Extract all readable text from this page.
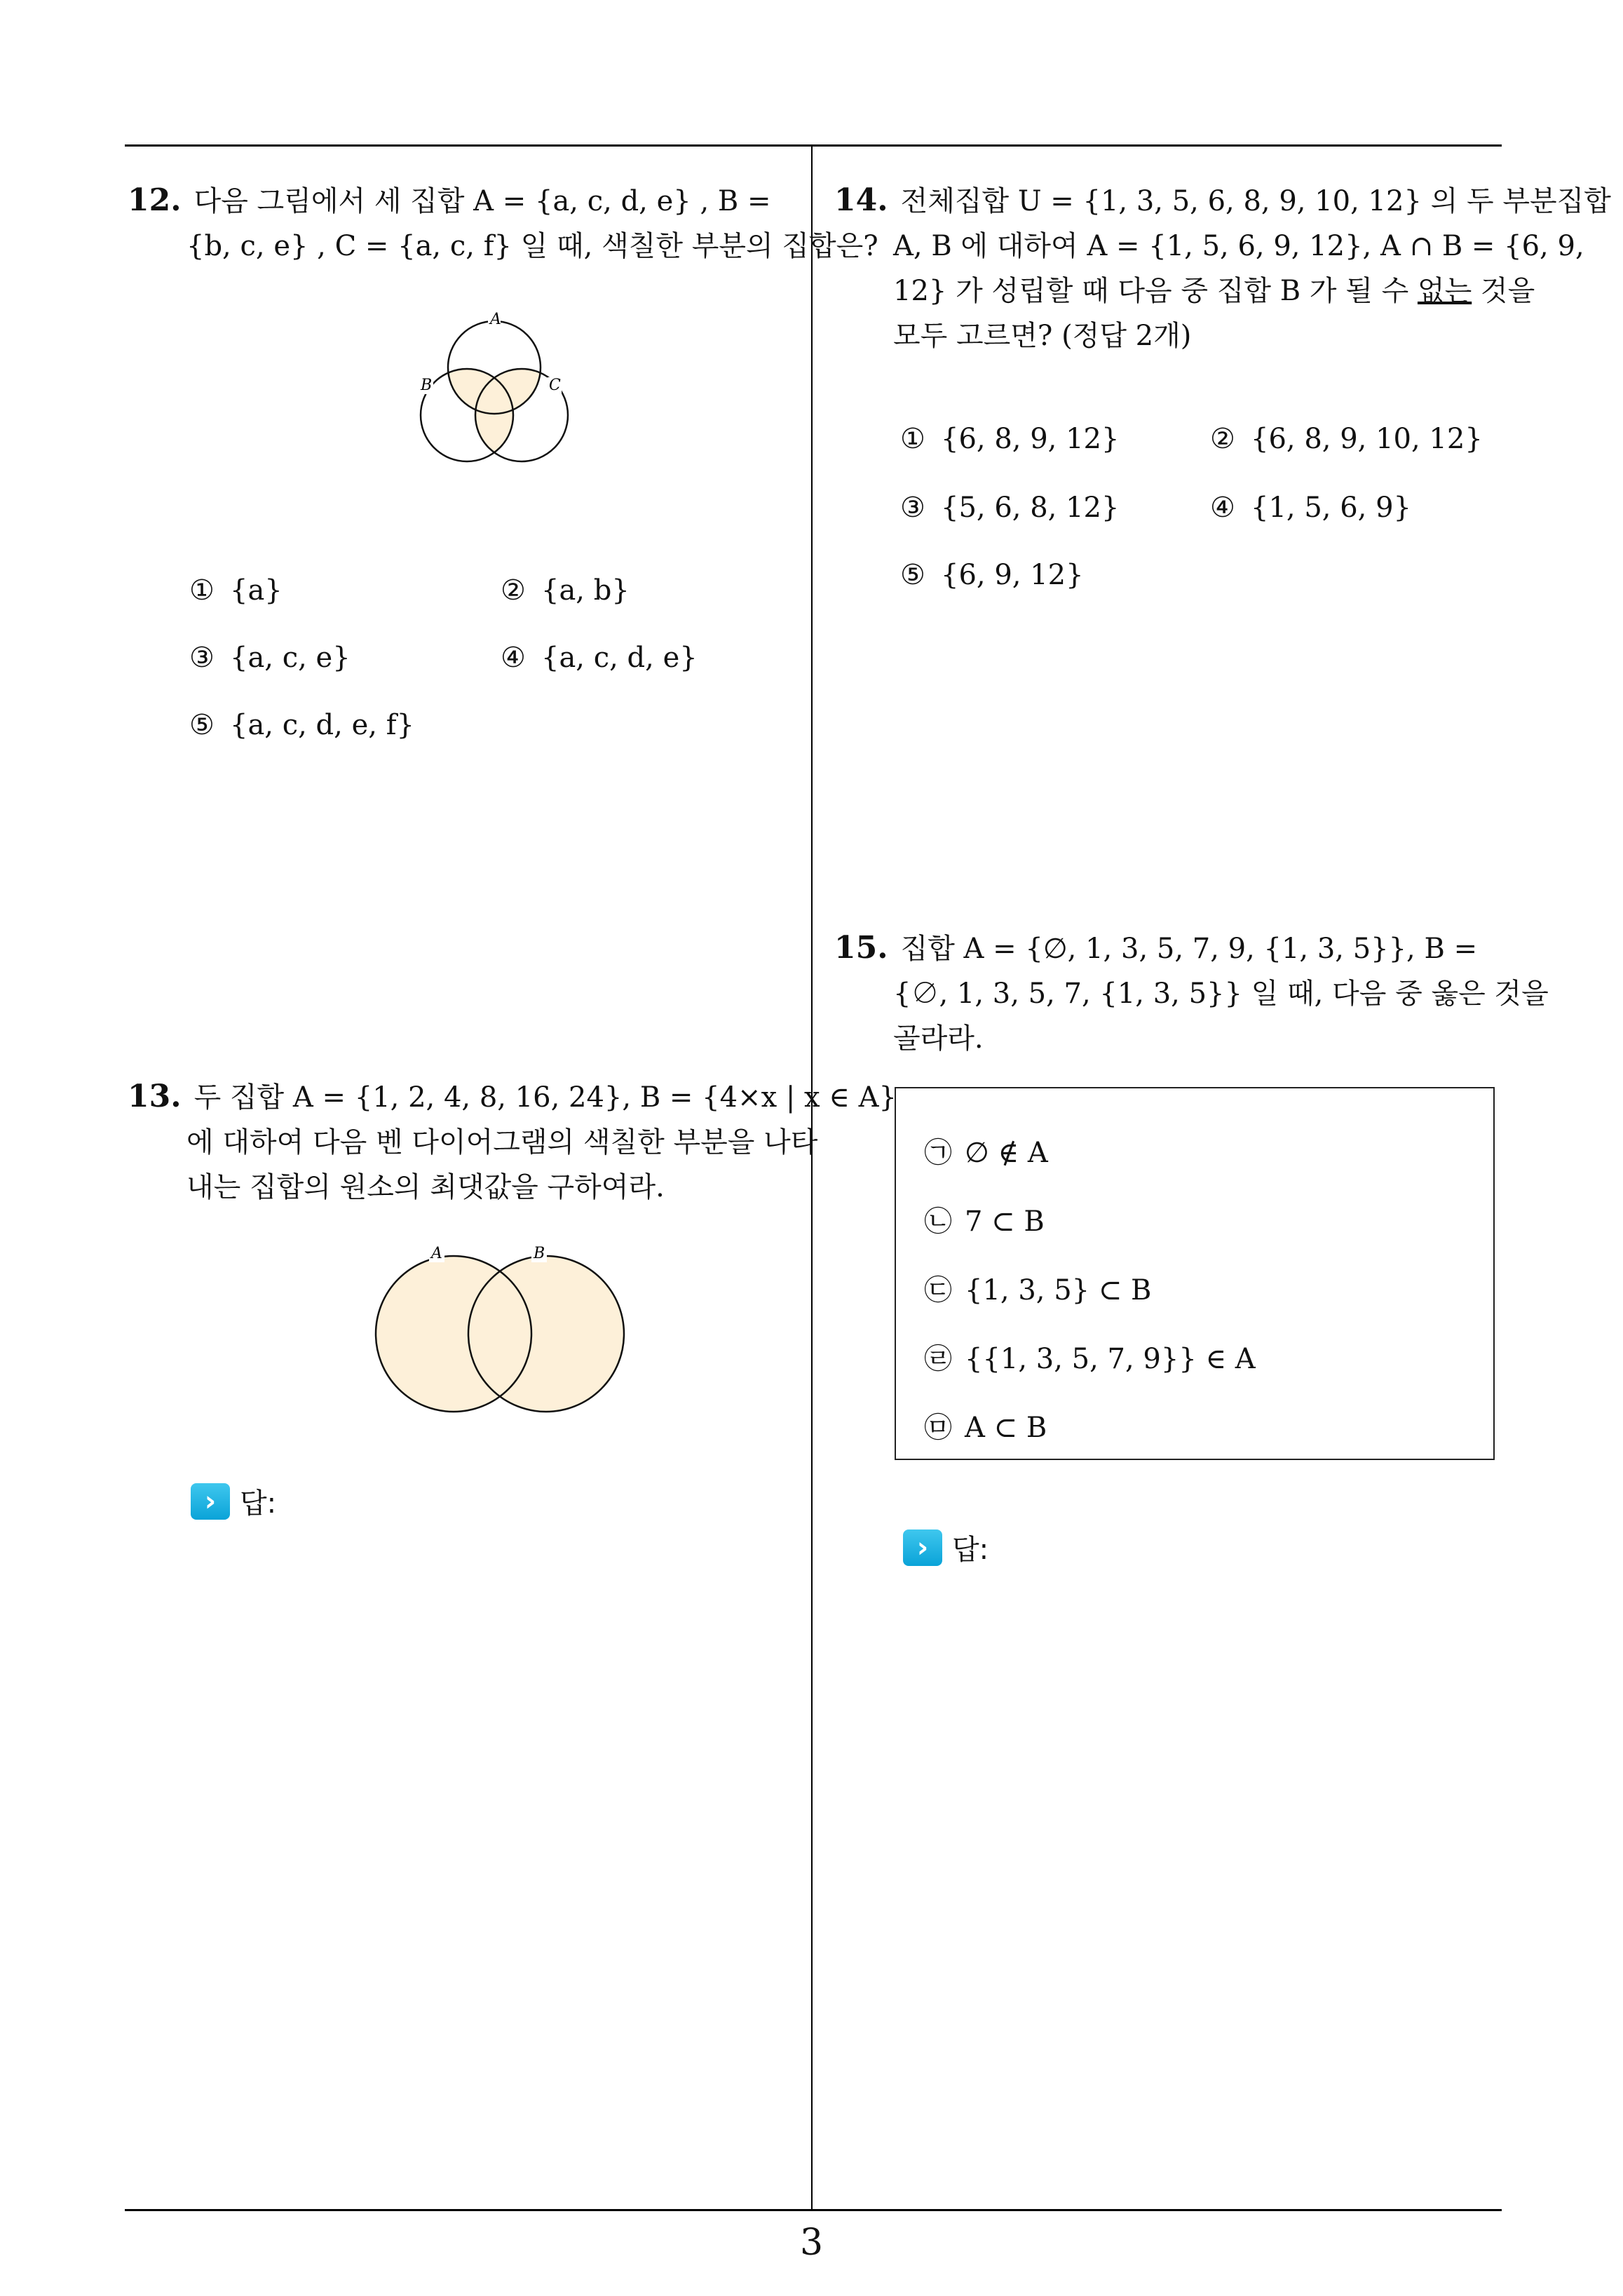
12. 다음 그림에서 세 집합 A = {a, c, d, e} , B =
{b, c, e} , C = {a, c, f} 일 때, 색칠한 부분의 집합은?
A
B	C
① {a}	② {a, b}
③ {a, c, e}	④ {a, c, d, e}
⑤ {a, c, d, e, f}
13. 두 집합 A = {1, 2, 4, 8, 16, 24}, B = {4×x | x ∈ A}
에 대하여 다음 벤 다이어그램의 색칠한 부분을 나타
내는 집합의 원소의 최댓값을 구하여라.
A	B
› 답:
14. 전체집합 U = {1, 3, 5, 6, 8, 9, 10, 12} 의 두 부분집합
A, B 에 대하여 A = {1, 5, 6, 9, 12}, A ∩ B = {6, 9,
12} 가 성립할 때 다음 중 집합 B 가 될 수 없는 것을
모두 고르면? (정답 2개)
① {6, 8, 9, 12}	② {6, 8, 9, 10, 12}
③ {5, 6, 8, 12}	④ {1, 5, 6, 9}
⑤ {6, 9, 12}
15. 집합 A = {∅, 1, 3, 5, 7, 9, {1, 3, 5}}, B =
{∅, 1, 3, 5, 7, {1, 3, 5}} 일 때, 다음 중 옳은 것을
골라라.
㉠ ∅ ∉ A
㉡ 7 ⊂ B
㉢ {1, 3, 5} ⊂ B
㉣ {{1, 3, 5, 7, 9}} ∈ A
㉤ A ⊂ B
› 답:
3
